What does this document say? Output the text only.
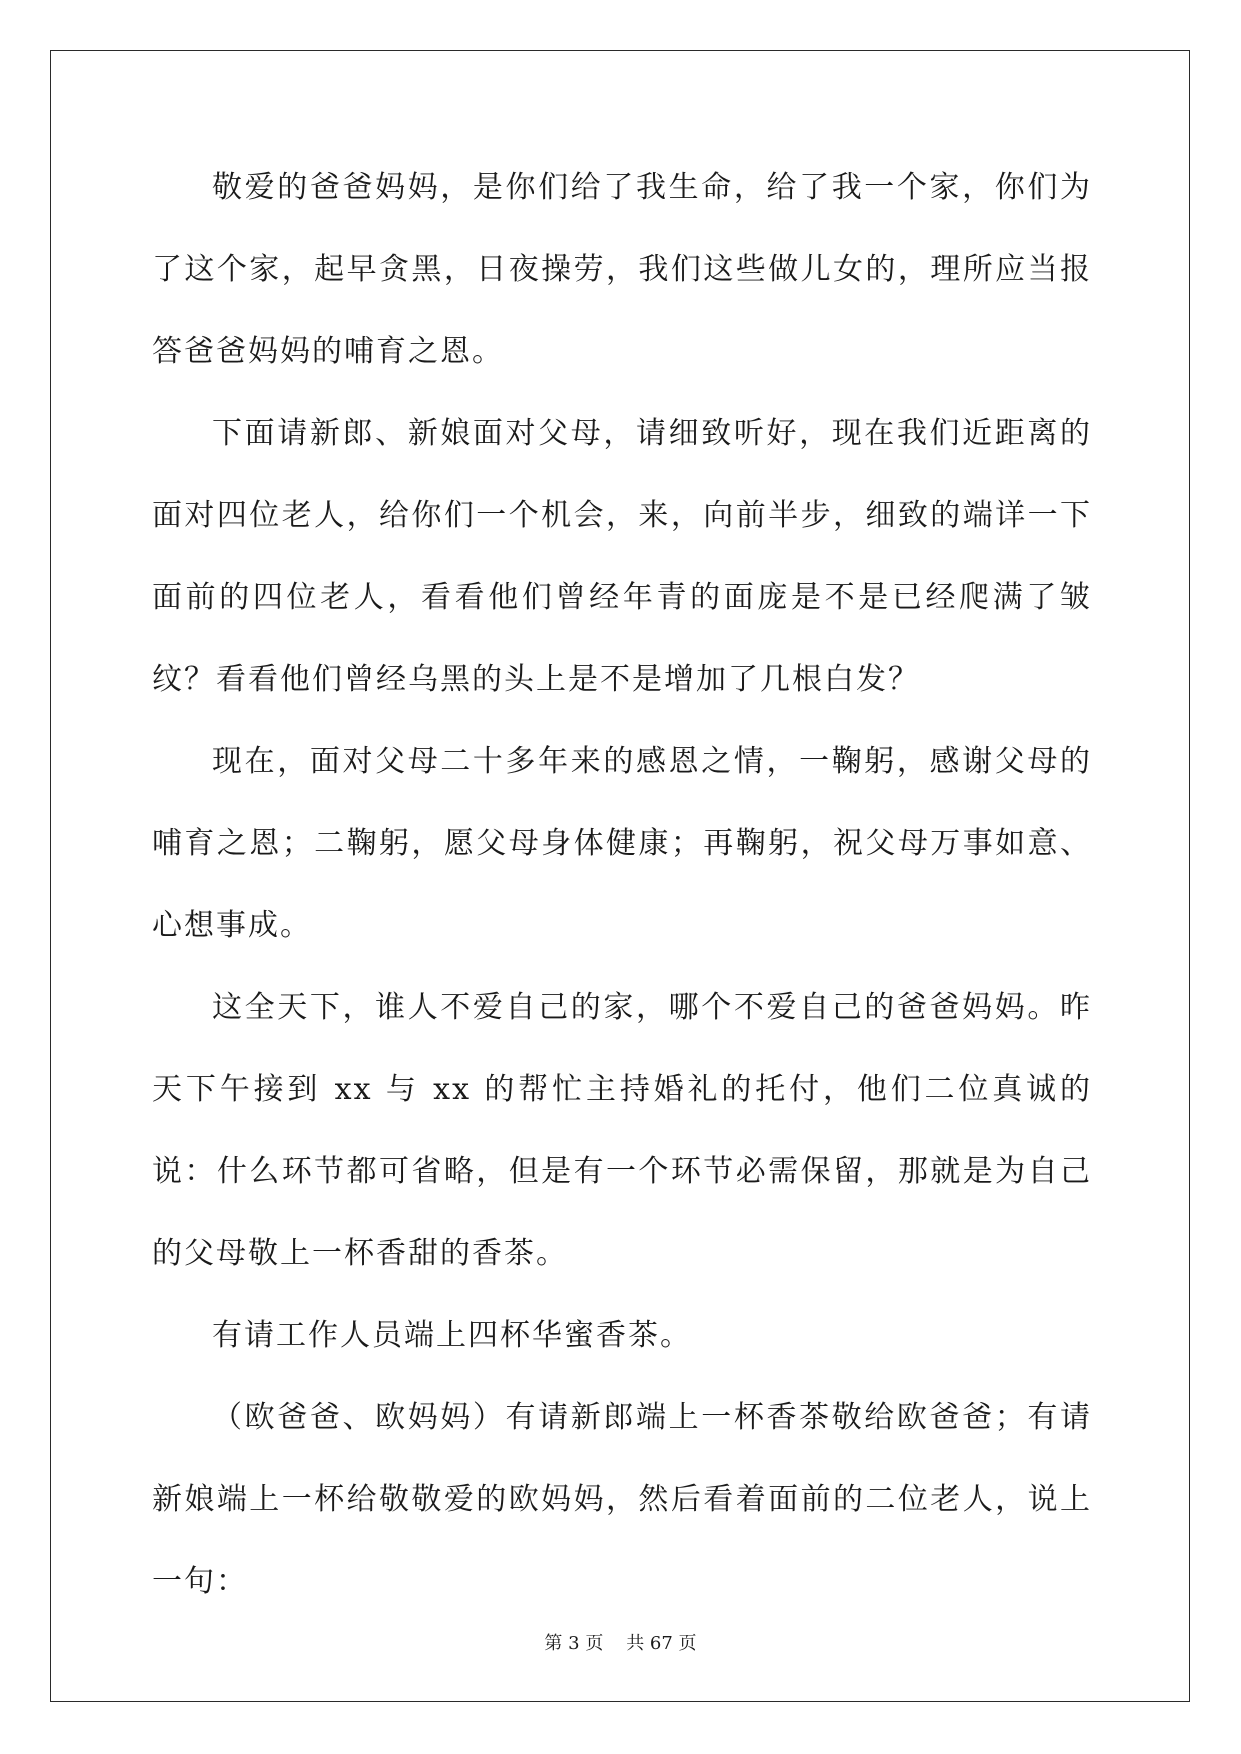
敬爱的爸爸妈妈，是你们给了我生命，给了我一个家，你们为了这个家，起早贪黑，日夜操劳，我们这些做儿女的，理所应当报答爸爸妈妈的哺育之恩。

下面请新郎、新娘面对父母，请细致听好，现在我们近距离的面对四位老人，给你们一个机会，来，向前半步，细致的端详一下面前的四位老人，看看他们曾经年青的面庞是不是已经爬满了皱纹？看看他们曾经乌黑的头上是不是增加了几根白发？

现在，面对父母二十多年来的感恩之情，一鞠躬，感谢父母的哺育之恩；二鞠躬，愿父母身体健康；再鞠躬，祝父母万事如意、心想事成。

这全天下，谁人不爱自己的家，哪个不爱自己的爸爸妈妈。昨天下午接到 xx 与 xx 的帮忙主持婚礼的托付，他们二位真诚的说：什么环节都可省略，但是有一个环节必需保留，那就是为自己的父母敬上一杯香甜的香茶。

有请工作人员端上四杯华蜜香茶。

（欧爸爸、欧妈妈）有请新郎端上一杯香茶敬给欧爸爸；有请新娘端上一杯给敬敬爱的欧妈妈，然后看着面前的二位老人，说上一句：

第 3 页    共 67 页
